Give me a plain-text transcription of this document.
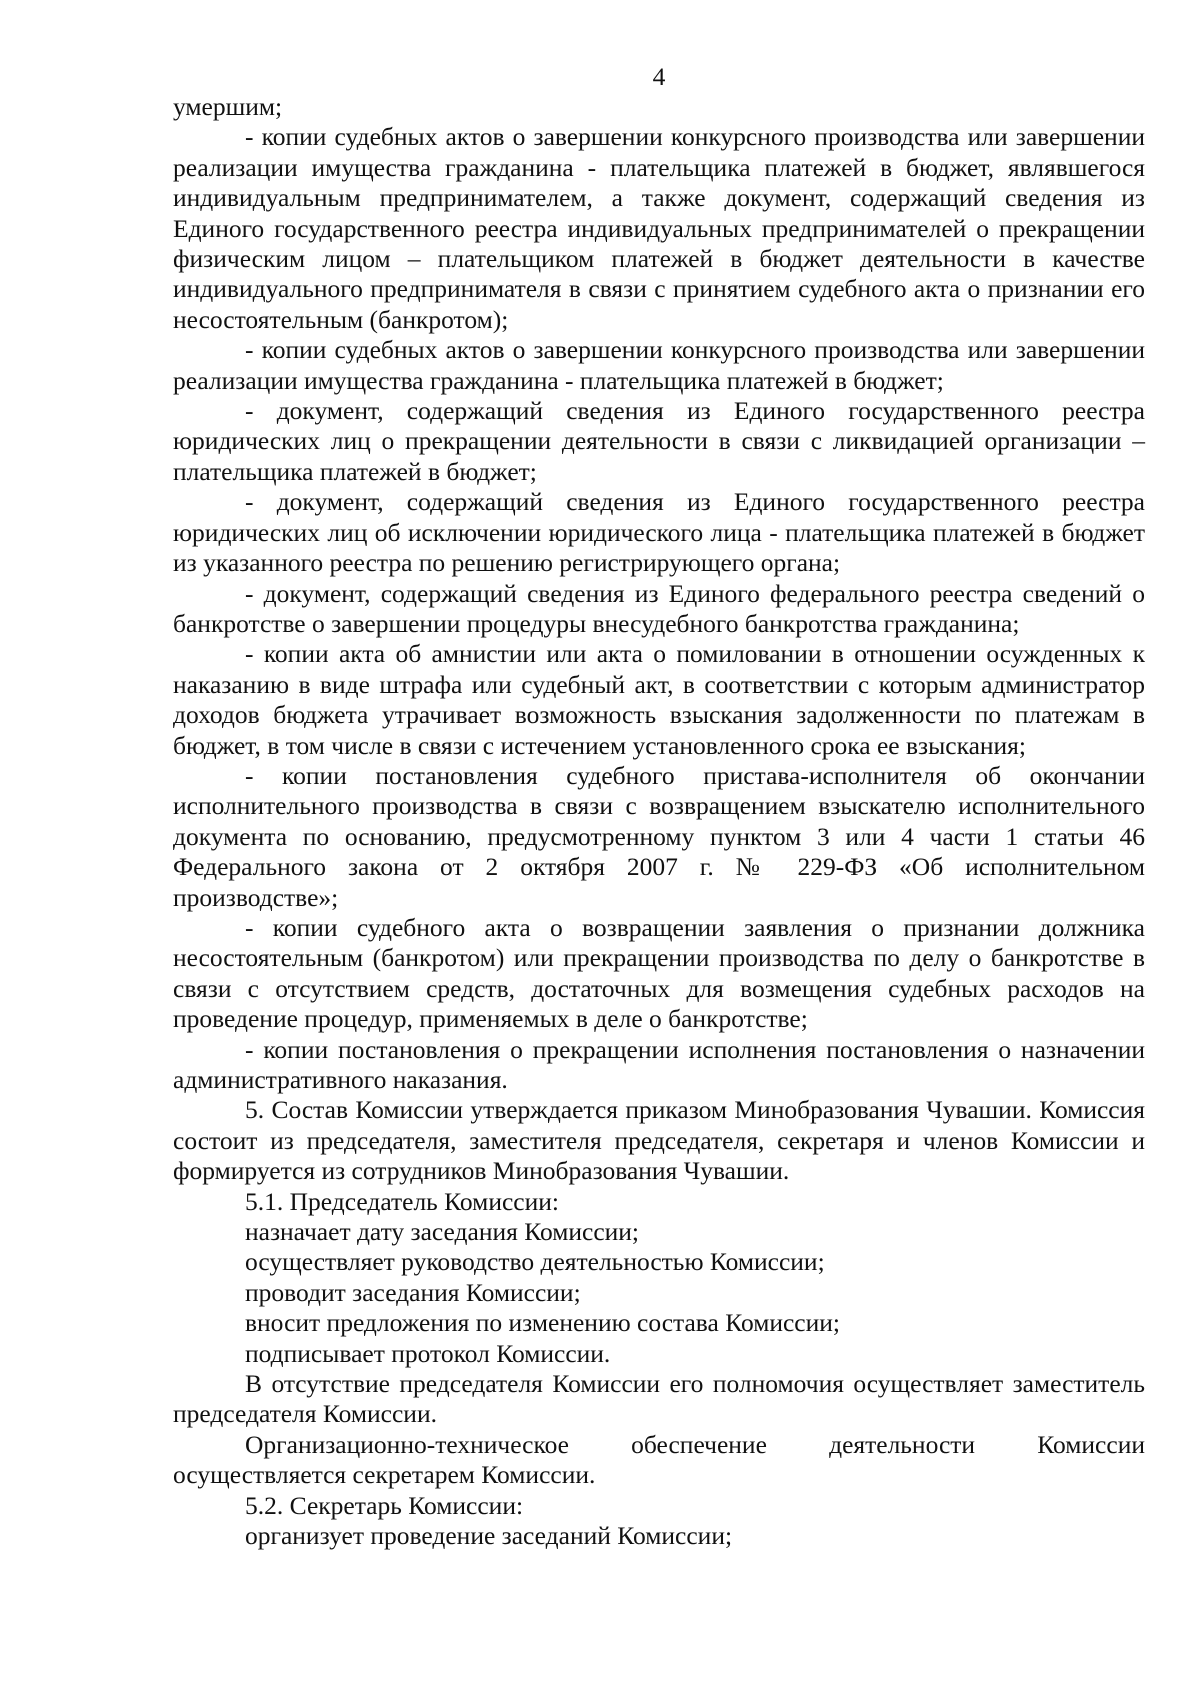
4

умершим;

- копии судебных актов о завершении конкурсного производства или завершении реализации имущества гражданина - плательщика платежей в бюджет, являвшегося индивидуальным предпринимателем, а также документ, содержащий сведения из Единого государственного реестра индивидуальных предпринимателей о прекращении физическим лицом – плательщиком платежей в бюджет деятельности в качестве индивидуального предпринимателя в связи с принятием судебного акта о признании его несостоятельным (банкротом);

- копии судебных актов о завершении конкурсного производства или завершении реализации имущества гражданина - плательщика платежей в бюджет;

- документ, содержащий сведения из Единого государственного реестра юридических лиц о прекращении деятельности в связи с ликвидацией организации – плательщика платежей в бюджет;

- документ, содержащий сведения из Единого государственного реестра юридических лиц об исключении юридического лица - плательщика платежей в бюджет из указанного реестра по решению регистрирующего органа;

- документ, содержащий сведения из Единого федерального реестра сведений о банкротстве о завершении процедуры внесудебного банкротства гражданина;

- копии акта об амнистии или акта о помиловании в отношении осужденных к наказанию в виде штрафа или судебный акт, в соответствии с которым администратор доходов бюджета утрачивает возможность взыскания задолженности по платежам в бюджет, в том числе в связи с истечением установленного срока ее взыскания;

- копии постановления судебного пристава-исполнителя об окончании исполнительного производства в связи с возвращением взыскателю исполнительного документа по основанию, предусмотренному пунктом 3 или 4 части 1 статьи 46 Федерального закона от 2 октября 2007 г. № 229-ФЗ «Об исполнительном производстве»;

- копии судебного акта о возвращении заявления о признании должника несостоятельным (банкротом) или прекращении производства по делу о банкротстве в связи с отсутствием средств, достаточных для возмещения судебных расходов на проведение процедур, применяемых в деле о банкротстве;

- копии постановления о прекращении исполнения постановления о назначении административного наказания.

5. Состав Комиссии утверждается приказом Минобразования Чувашии. Комиссия состоит из председателя, заместителя председателя, секретаря и членов Комиссии и формируется из сотрудников Минобразования Чувашии.

5.1. Председатель Комиссии:

назначает дату заседания Комиссии;

осуществляет руководство деятельностью Комиссии;

проводит заседания Комиссии;

вносит предложения по изменению состава Комиссии;

подписывает протокол Комиссии.

В отсутствие председателя Комиссии его полномочия осуществляет заместитель председателя Комиссии.

Организационно-техническое обеспечение деятельности Комиссии осуществляется секретарем Комиссии.

5.2. Секретарь Комиссии:

организует проведение заседаний Комиссии;
